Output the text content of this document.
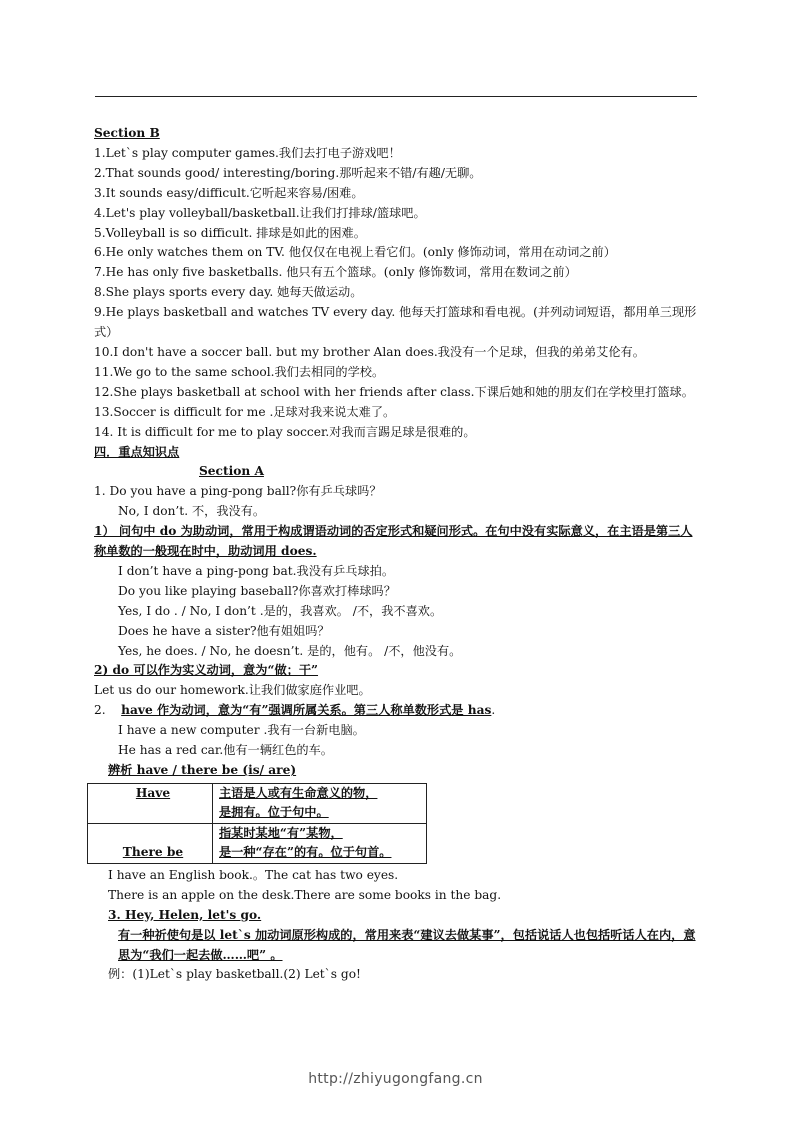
Section B

1.Let`s play computer games.我们去打电子游戏吧！

2.That sounds good/ interesting/boring.那听起来不错/有趣/无聊。

3.It sounds easy/difficult.它听起来容易/困难。

4.Let's play volleyball/basketball.让我们打排球/篮球吧。

5.Volleyball is so difficult. 排球是如此的困难。

6.He only watches them on TV. 他仅仅在电视上看它们。(only 修饰动词，常用在动词之前）

7.He has only five basketballs. 他只有五个篮球。(only 修饰数词，常用在数词之前）

8.She plays sports every day. 她每天做运动。

9.He plays basketball and watches TV every day. 他每天打篮球和看电视。(并列动词短语，都用单三现形式）

10.I don't have a soccer ball. but my brother Alan does.我没有一个足球，但我的弟弟艾伦有。

11.We go to the same school.我们去相同的学校。

12.She plays basketball at school with her friends after class.下课后她和她的朋友们在学校里打篮球。

13.Soccer is difficult for me .足球对我来说太难了。

14. It is difficult for me to play soccer.对我而言踢足球是很难的。

四．重点知识点

Section A

1. Do you have a ping-pong ball?你有乒乓球吗？

No, I don’t. 不，我没有。

1） 问句中 do 为助动词，常用于构成谓语动词的否定形式和疑问形式。在句中没有实际意义，在主语是第三人称单数的一般现在时中，助动词用 does.

I don’t have a ping-pong bat.我没有乒乓球拍。

Do you like playing baseball?你喜欢打棒球吗？

Yes, I do . / No, I don’t .是的，我喜欢。 /不，我不喜欢。

Does he have a sister?他有姐姐吗？

Yes, he does. / No, he doesn’t. 是的，他有。 /不，他没有。

2) do 可以作为实义动词，意为“做；干”

Let us do our homework.让我们做家庭作业吧。

2. have 作为动词，意为“有”强调所属关系。第三人称单数形式是 has.

I have a new computer .我有一台新电脑。

He has a red car.他有一辆红色的车。

辨析 have / there be (is/ are)

Have	主语是人或有生命意义的物，
是拥有。位于句中。

There be	指某时某地“有”某物，
是一种“存在”的有。位于句首。

I have an English book.。The cat has two eyes.

There is an apple on the desk.There are some books in the bag.

3. Hey, Helen, let's go.

有一种祈使句是以 let`s 加动词原形构成的，常用来表“建议去做某事”，包括说话人也包括听话人在内，意思为“我们一起去做……吧” 。

例：(1)Let`s play basketball.(2) Let`s go!

http://zhiyugongfang.cn
